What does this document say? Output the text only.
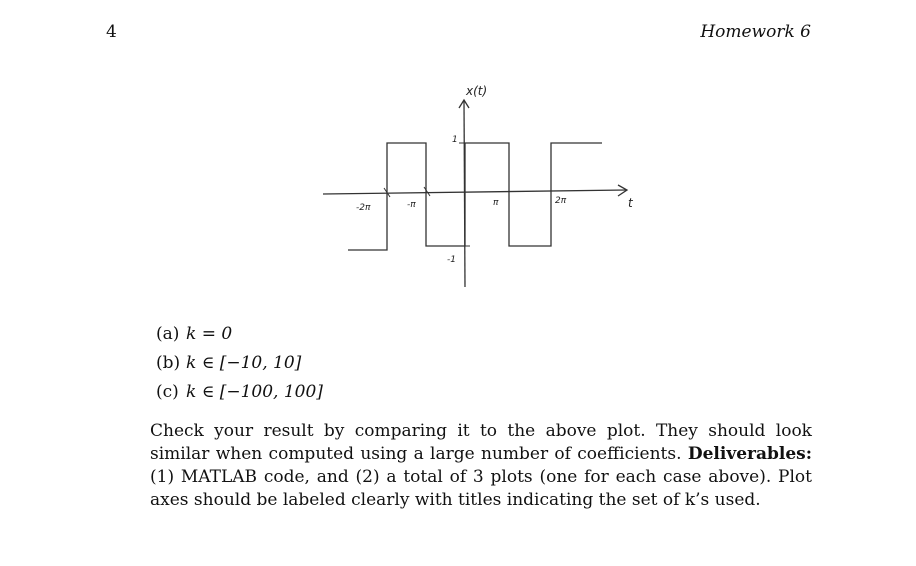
4	Homework 6
x(t)
t
1
-1
-2π	-π	π	2π
(a) k = 0
(b) k ∈ [−10, 10]
(c) k ∈ [−100, 100]
Check your result by comparing it to the above plot. They should look similar when computed using a large number of coefficients. Deliverables: (1) MATLAB code, and (2) a total of 3 plots (one for each case above). Plot axes should be labeled clearly with titles indicating the set of k’s used.
